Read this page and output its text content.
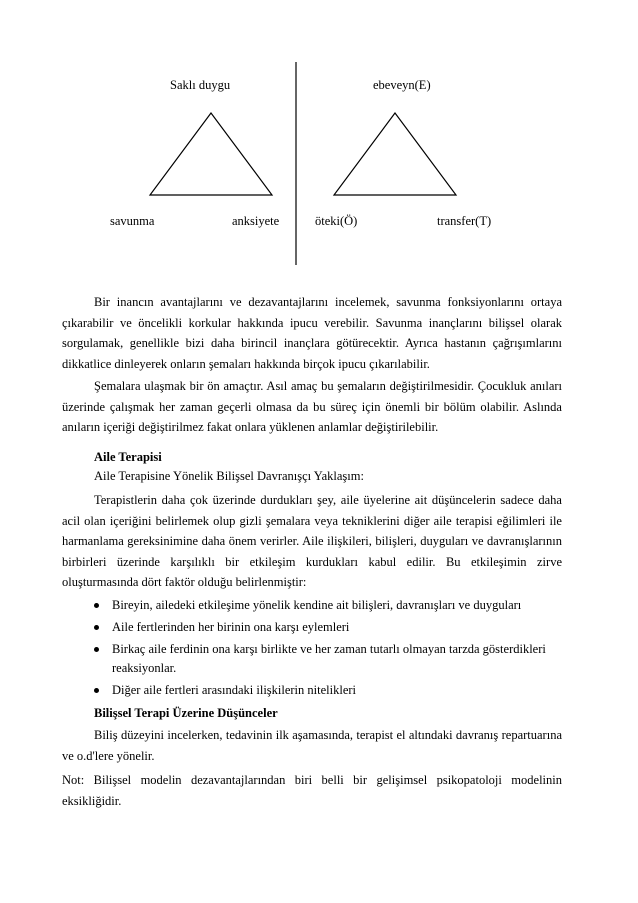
Saklı duygu	ebeveyn(E)
savunma	anksiyete	öteki(Ö)	transfer(T)

Bir inancın avantajlarını ve dezavantajlarını incelemek, savunma fonksiyonlarını ortaya çıkarabilir ve öncelikli korkular hakkında ipucu verebilir. Savunma inançlarını bilişsel olarak sorgulamak, genellikle bizi daha birincil inançlara götürecektir. Ayrıca hastanın çağrışımlarını dikkatlice dinleyerek onların şemaları hakkında birçok ipucu çıkarılabilir.

Şemalara ulaşmak bir ön amaçtır. Asıl amaç bu şemaların değiştirilmesidir. Çocukluk anıları üzerinde çalışmak her zaman geçerli olmasa da bu süreç için önemli bir bölüm olabilir. Aslında anıların içeriği değiştirilmez fakat onlara yüklenen anlamlar değiştirilebilir.

Aile Terapisi
Aile Terapisine Yönelik Bilişsel Davranışçı Yaklaşım:

Terapistlerin daha çok üzerinde durdukları şey, aile üyelerine ait düşüncelerin sadece daha acil olan içeriğini belirlemek olup gizli şemalara veya tekniklerini diğer aile terapisi eğilimleri ile harmanlama gereksinimine daha önem verirler. Aile ilişkileri, bilişleri, duyguları ve davranışlarının birbirleri üzerinde karşılıklı bir etkileşim kurdukları kabul edilir. Bu etkileşimin zirve oluşturmasında dört faktör olduğu belirlenmiştir:

Bireyin, ailedeki etkileşime yönelik kendine ait bilişleri, davranışları ve duyguları
Aile fertlerinden her birinin ona karşı eylemleri
Birkaç aile ferdinin ona karşı birlikte ve her zaman tutarlı olmayan tarzda gösterdikleri reaksiyonlar.
Diğer aile fertleri arasındaki ilişkilerin nitelikleri
Bilişsel Terapi Üzerine Düşünceler

Biliş düzeyini incelerken, tedavinin ilk aşamasında, terapist el altındaki davranış repartuarına ve o.d'lere yönelir.

Not: Bilişsel modelin dezavantajlarından biri belli bir gelişimsel psikopatoloji modelinin eksikliğidir.
